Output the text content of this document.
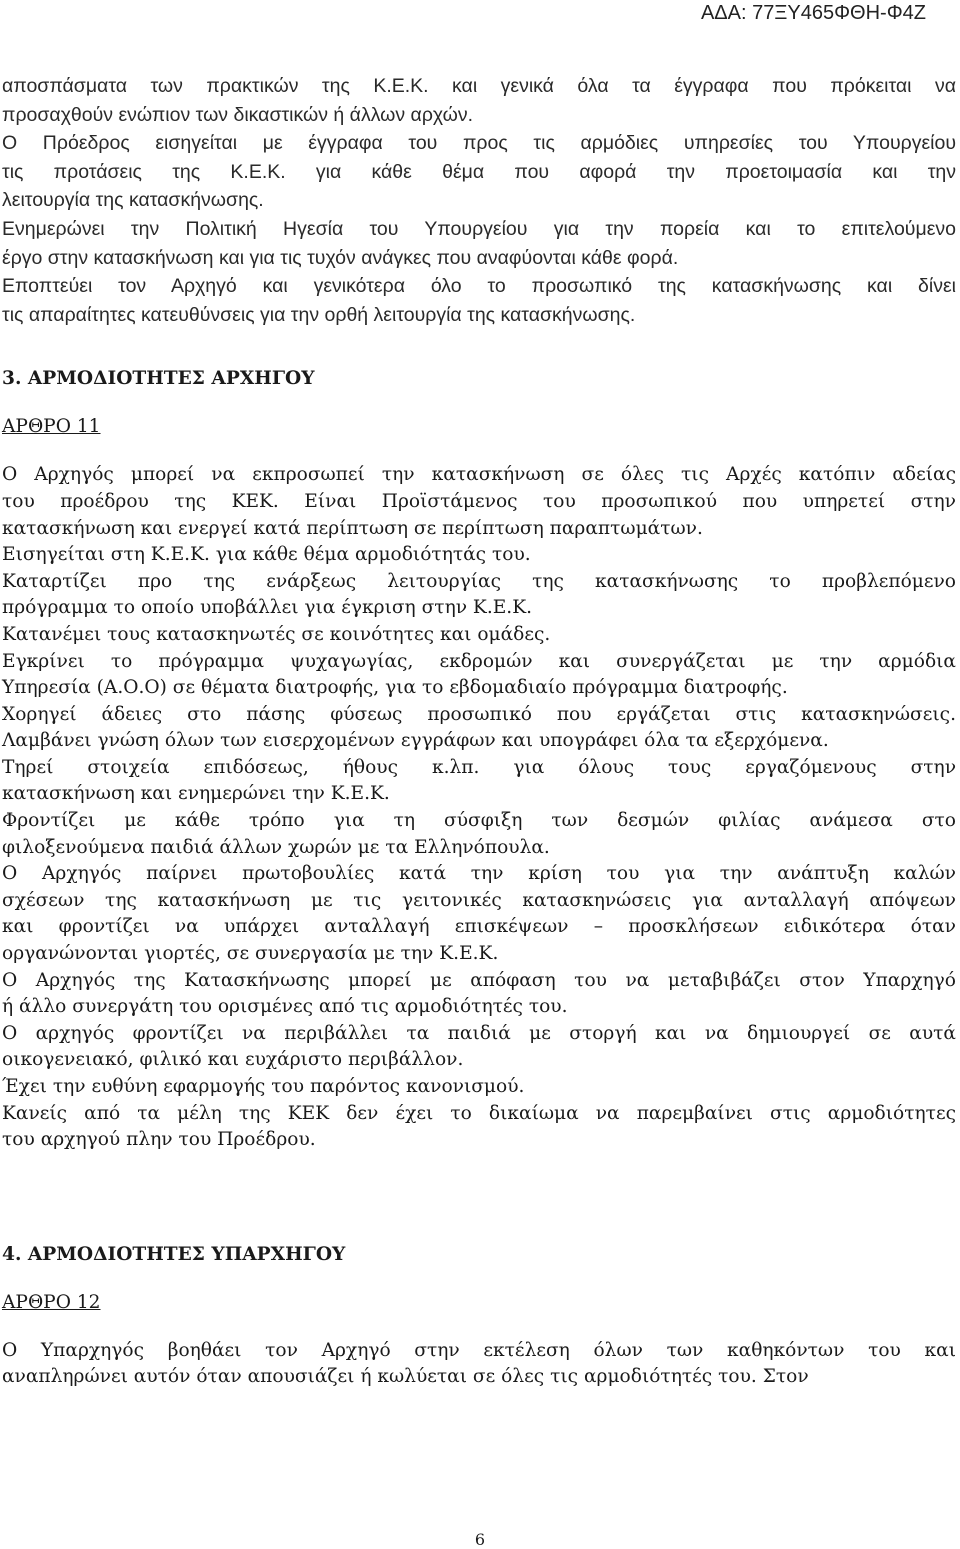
ΑΔΑ: 77ΞΥ465ΦΘΗ-Φ4Ζ

αποσπάσματα των πρακτικών της Κ.Ε.Κ. και γενικά όλα τα έγγραφα που πρόκειται να
προσαχθούν ενώπιον των δικαστικών ή άλλων αρχών.
Ο Πρόεδρος εισηγείται με έγγραφα του προς τις αρμόδιες υπηρεσίες του Υπουργείου
τις προτάσεις της Κ.Ε.Κ. για κάθε θέμα που αφορά την προετοιμασία και την
λειτουργία της κατασκήνωσης.
Ενημερώνει την Πολιτική Ηγεσία του Υπουργείου για την πορεία και το επιτελούμενο
έργο στην κατασκήνωση και για τις τυχόν ανάγκες που αναφύονται κάθε φορά.
Εποπτεύει τον Αρχηγό και γενικότερα όλο το προσωπικό της κατασκήνωσης και δίνει
τις απαραίτητες κατευθύνσεις για την ορθή λειτουργία της κατασκήνωσης.
3. ΑΡΜΟΔΙΟΤΗΤΕΣ ΑΡΧΗΓΟΥ
ΑΡΘΡΟ 11
Ο Αρχηγός μπορεί να εκπροσωπεί την κατασκήνωση σε όλες τις Αρχές κατόπιν αδείας
του προέδρου της ΚΕΚ. Είναι Προϊστάμενος του προσωπικού που υπηρετεί στην
κατασκήνωση και ενεργεί κατά περίπτωση σε περίπτωση παραπτωμάτων.
Εισηγείται στη Κ.Ε.Κ. για κάθε θέμα αρμοδιότητάς του.
Καταρτίζει προ της ενάρξεως λειτουργίας της κατασκήνωσης το προβλεπόμενο
πρόγραμμα το οποίο υποβάλλει για έγκριση στην Κ.Ε.Κ.
Κατανέμει τους κατασκηνωτές σε κοινότητες και ομάδες.
Εγκρίνει το πρόγραμμα ψυχαγωγίας, εκδρομών και συνεργάζεται με την αρμόδια
Υπηρεσία (Α.Ο.Ο) σε θέματα διατροφής, για το εβδομαδιαίο πρόγραμμα διατροφής.
Χορηγεί άδειες στο πάσης φύσεως προσωπικό που εργάζεται στις κατασκηνώσεις.
Λαμβάνει γνώση όλων των εισερχομένων εγγράφων και υπογράφει όλα τα εξερχόμενα.
Τηρεί στοιχεία επιδόσεως, ήθους κ.λπ. για όλους τους εργαζόμενους στην
κατασκήνωση και ενημερώνει την Κ.Ε.Κ.
Φροντίζει με κάθε τρόπο για τη σύσφιξη των δεσμών φιλίας ανάμεσα στο
φιλοξενούμενα παιδιά άλλων χωρών με τα Ελληνόπουλα.
Ο Αρχηγός παίρνει πρωτοβουλίες κατά την κρίση του για την ανάπτυξη καλών
σχέσεων της κατασκήνωση με τις γειτονικές κατασκηνώσεις για ανταλλαγή απόψεων
και φροντίζει να υπάρχει ανταλλαγή επισκέψεων – προσκλήσεων ειδικότερα όταν
οργανώνονται γιορτές, σε συνεργασία με την Κ.Ε.Κ.
Ο Αρχηγός της Κατασκήνωσης μπορεί με απόφαση του να μεταβιβάζει στον Υπαρχηγό
ή άλλο συνεργάτη του ορισμένες από τις αρμοδιότητές του.
Ο αρχηγός φροντίζει να περιβάλλει τα παιδιά με στοργή και να δημιουργεί σε αυτά
οικογενειακό, φιλικό και ευχάριστο περιβάλλον.
Έχει την ευθύνη εφαρμογής του παρόντος κανονισμού.
Κανείς από τα μέλη της ΚΕΚ δεν έχει το δικαίωμα να παρεμβαίνει στις αρμοδιότητες
του αρχηγού πλην του Προέδρου.
4. ΑΡΜΟΔΙΟΤΗΤΕΣ ΥΠΑΡΧΗΓΟΥ
ΑΡΘΡΟ 12
Ο Υπαρχηγός βοηθάει τον Αρχηγό στην εκτέλεση όλων των καθηκόντων του και
αναπληρώνει αυτόν όταν απουσιάζει ή κωλύεται σε όλες τις αρμοδιότητές του. Στον

6
